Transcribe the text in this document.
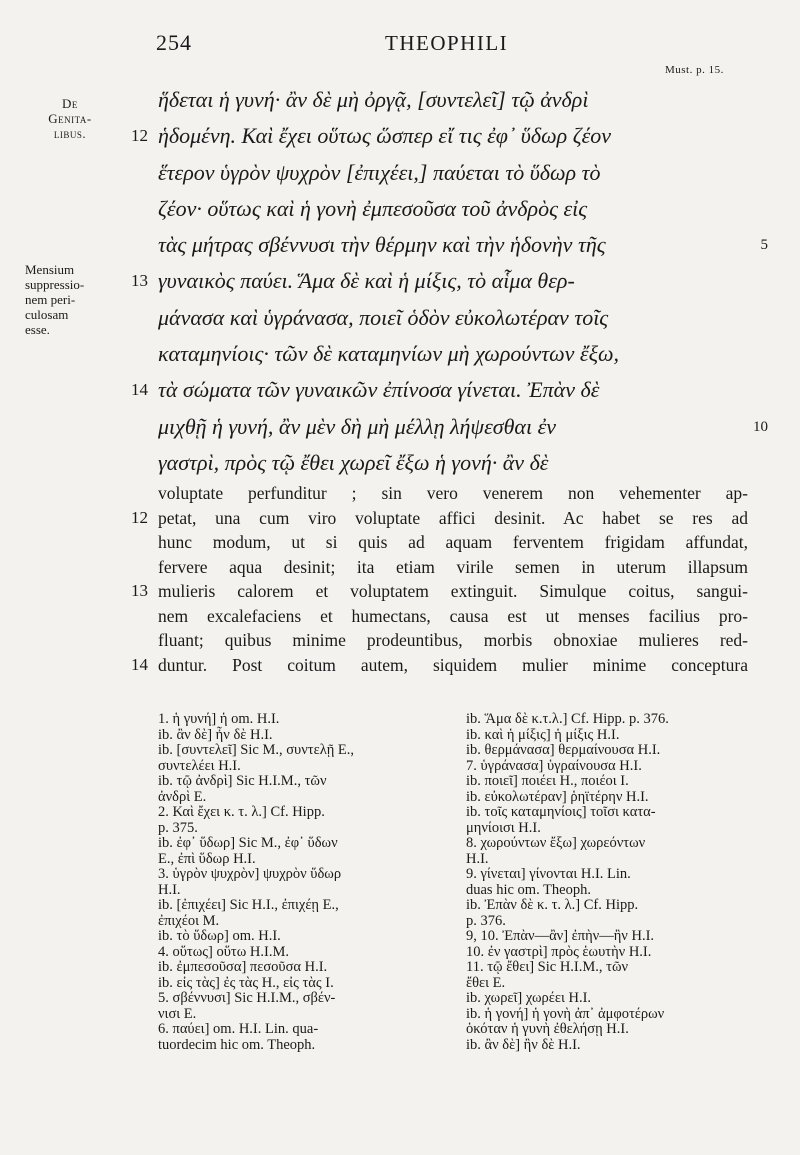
254	THEOPHILI
Must. p. 15.
De
Genita-
libus.
Mensium
suppressio-
nem peri-
culosam
esse.
ἥδεται ἡ γυνή· ἂν δὲ μὴ ὀργᾷ, [συντελεῖ] τῷ ἀνδρὶ
12 ἡδομένη. Καὶ ἔχει οὕτως ὥσπερ εἴ τις ἐφ᾽ ὕδωρ ζέον
ἕτερον ὑγρὸν ψυχρὸν [ἐπιχέει,] παύεται τὸ ὕδωρ τὸ
ζέον· οὕτως καὶ ἡ γονὴ ἐμπεσοῦσα τοῦ ἀνδρὸς εἰς
τὰς μήτρας σβέννυσι τὴν θέρμην καὶ τὴν ἡδονὴν τῆς	5
13 γυναικὸς παύει. Ἅμα δὲ καὶ ἡ μίξις, τὸ αἷμα θερ-
μάνασα καὶ ὑγράνασα, ποιεῖ ὁδὸν εὐκολωτέραν τοῖς
καταμηνίοις· τῶν δὲ καταμηνίων μὴ χωρούντων ἔξω,
14 τὰ σώματα τῶν γυναικῶν ἐπίνοσα γίνεται. Ἐπὰν δὲ
μιχθῇ ἡ γυνή, ἂν μὲν δὴ μὴ μέλλῃ λήψεσθαι ἐν	10
γαστρὶ, πρὸς τῷ ἔθει χωρεῖ ἔξω ἡ γονή· ἂν δὲ
voluptate perfunditur ; sin vero venerem non vehementer ap-
12 petat, una cum viro voluptate affici desinit. Ac habet se res ad
hunc modum, ut si quis ad aquam ferventem frigidam affundat,
fervere aqua desinit; ita etiam virile semen in uterum illapsum
13 mulieris calorem et voluptatem extinguit. Simulque coitus, sangui-
nem excalefaciens et humectans, causa est ut menses facilius pro-
fluant; quibus minime prodeuntibus, morbis obnoxiae mulieres red-
14 duntur. Post coitum autem, siquidem mulier minime conceptura
1. ἡ γυνή] ἡ om. H.I.
ib. ἂν δὲ] ἦν δὲ H.I.
ib. [συντελεῖ] Sic M., συντελῇ E.,
συντελέει H.I.
ib. τῷ ἀνδρὶ] Sic H.I.M., τῶν
ἀνδρὶ E.
2. Καὶ ἔχει κ. τ. λ.] Cf. Hipp.
p. 375.
ib. ἐφ᾽ ὕδωρ] Sic M., ἐφ᾽ ὕδων
E., ἐπὶ ὕδωρ H.I.
3. ὑγρὸν ψυχρὸν] ψυχρὸν ὕδωρ
H.I.
ib. [ἐπιχέει] Sic H.I., ἐπιχέῃ E.,
ἐπιχέοι M.
ib. τὸ ὕδωρ] om. H.I.
4. οὕτως] οὕτω H.I.M.
ib. ἐμπεσοῦσα] πεσοῦσα H.I.
ib. εἰς τὰς] ἐς τὰς H., εἰς τὰς I.
5. σβέννυσι] Sic H.I.M., σβέν-
νισι E.
6. παύει] om. H.I. Lin. qua-
tuordecim hic om. Theoph.
ib. Ἅμα δὲ κ.τ.λ.] Cf. Hipp. p. 376.
ib. καὶ ἡ μίξις] ἡ μίξις H.I.
ib. θερμάνασα] θερμαίνουσα H.I.
7. ὑγράνασα] ὑγραίνουσα H.I.
ib. ποιεῖ] ποιέει H., ποιέοι I.
ib. εὐκολωτέραν] ῥηϊτέρην H.I.
ib. τοῖς καταμηνίοις] τοῖσι κατα-
μηνίοισι H.I.
8. χωρούντων ἔξω] χωρεόντων
H.I.
9. γίνεται] γίνονται H.I. Lin.
duas hic om. Theoph.
ib. Ἐπὰν δὲ κ. τ. λ.] Cf. Hipp.
p. 376.
9, 10. Ἐπὰν—ἂν] ἐπὴν—ἢν H.I.
10. ἐν γαστρὶ] πρὸς ἑωυτὴν H.I.
11. τῷ ἔθει] Sic H.I.M., τῶν
ἔθει E.
ib. χωρεῖ] χωρέει H.I.
ib. ἡ γονή] ἡ γονὴ ἀπ᾽ ἀμφοτέρων
ὁκόταν ἡ γυνὴ ἐθελήσῃ H.I.
ib. ἂν δὲ] ἢν δὲ H.I.
